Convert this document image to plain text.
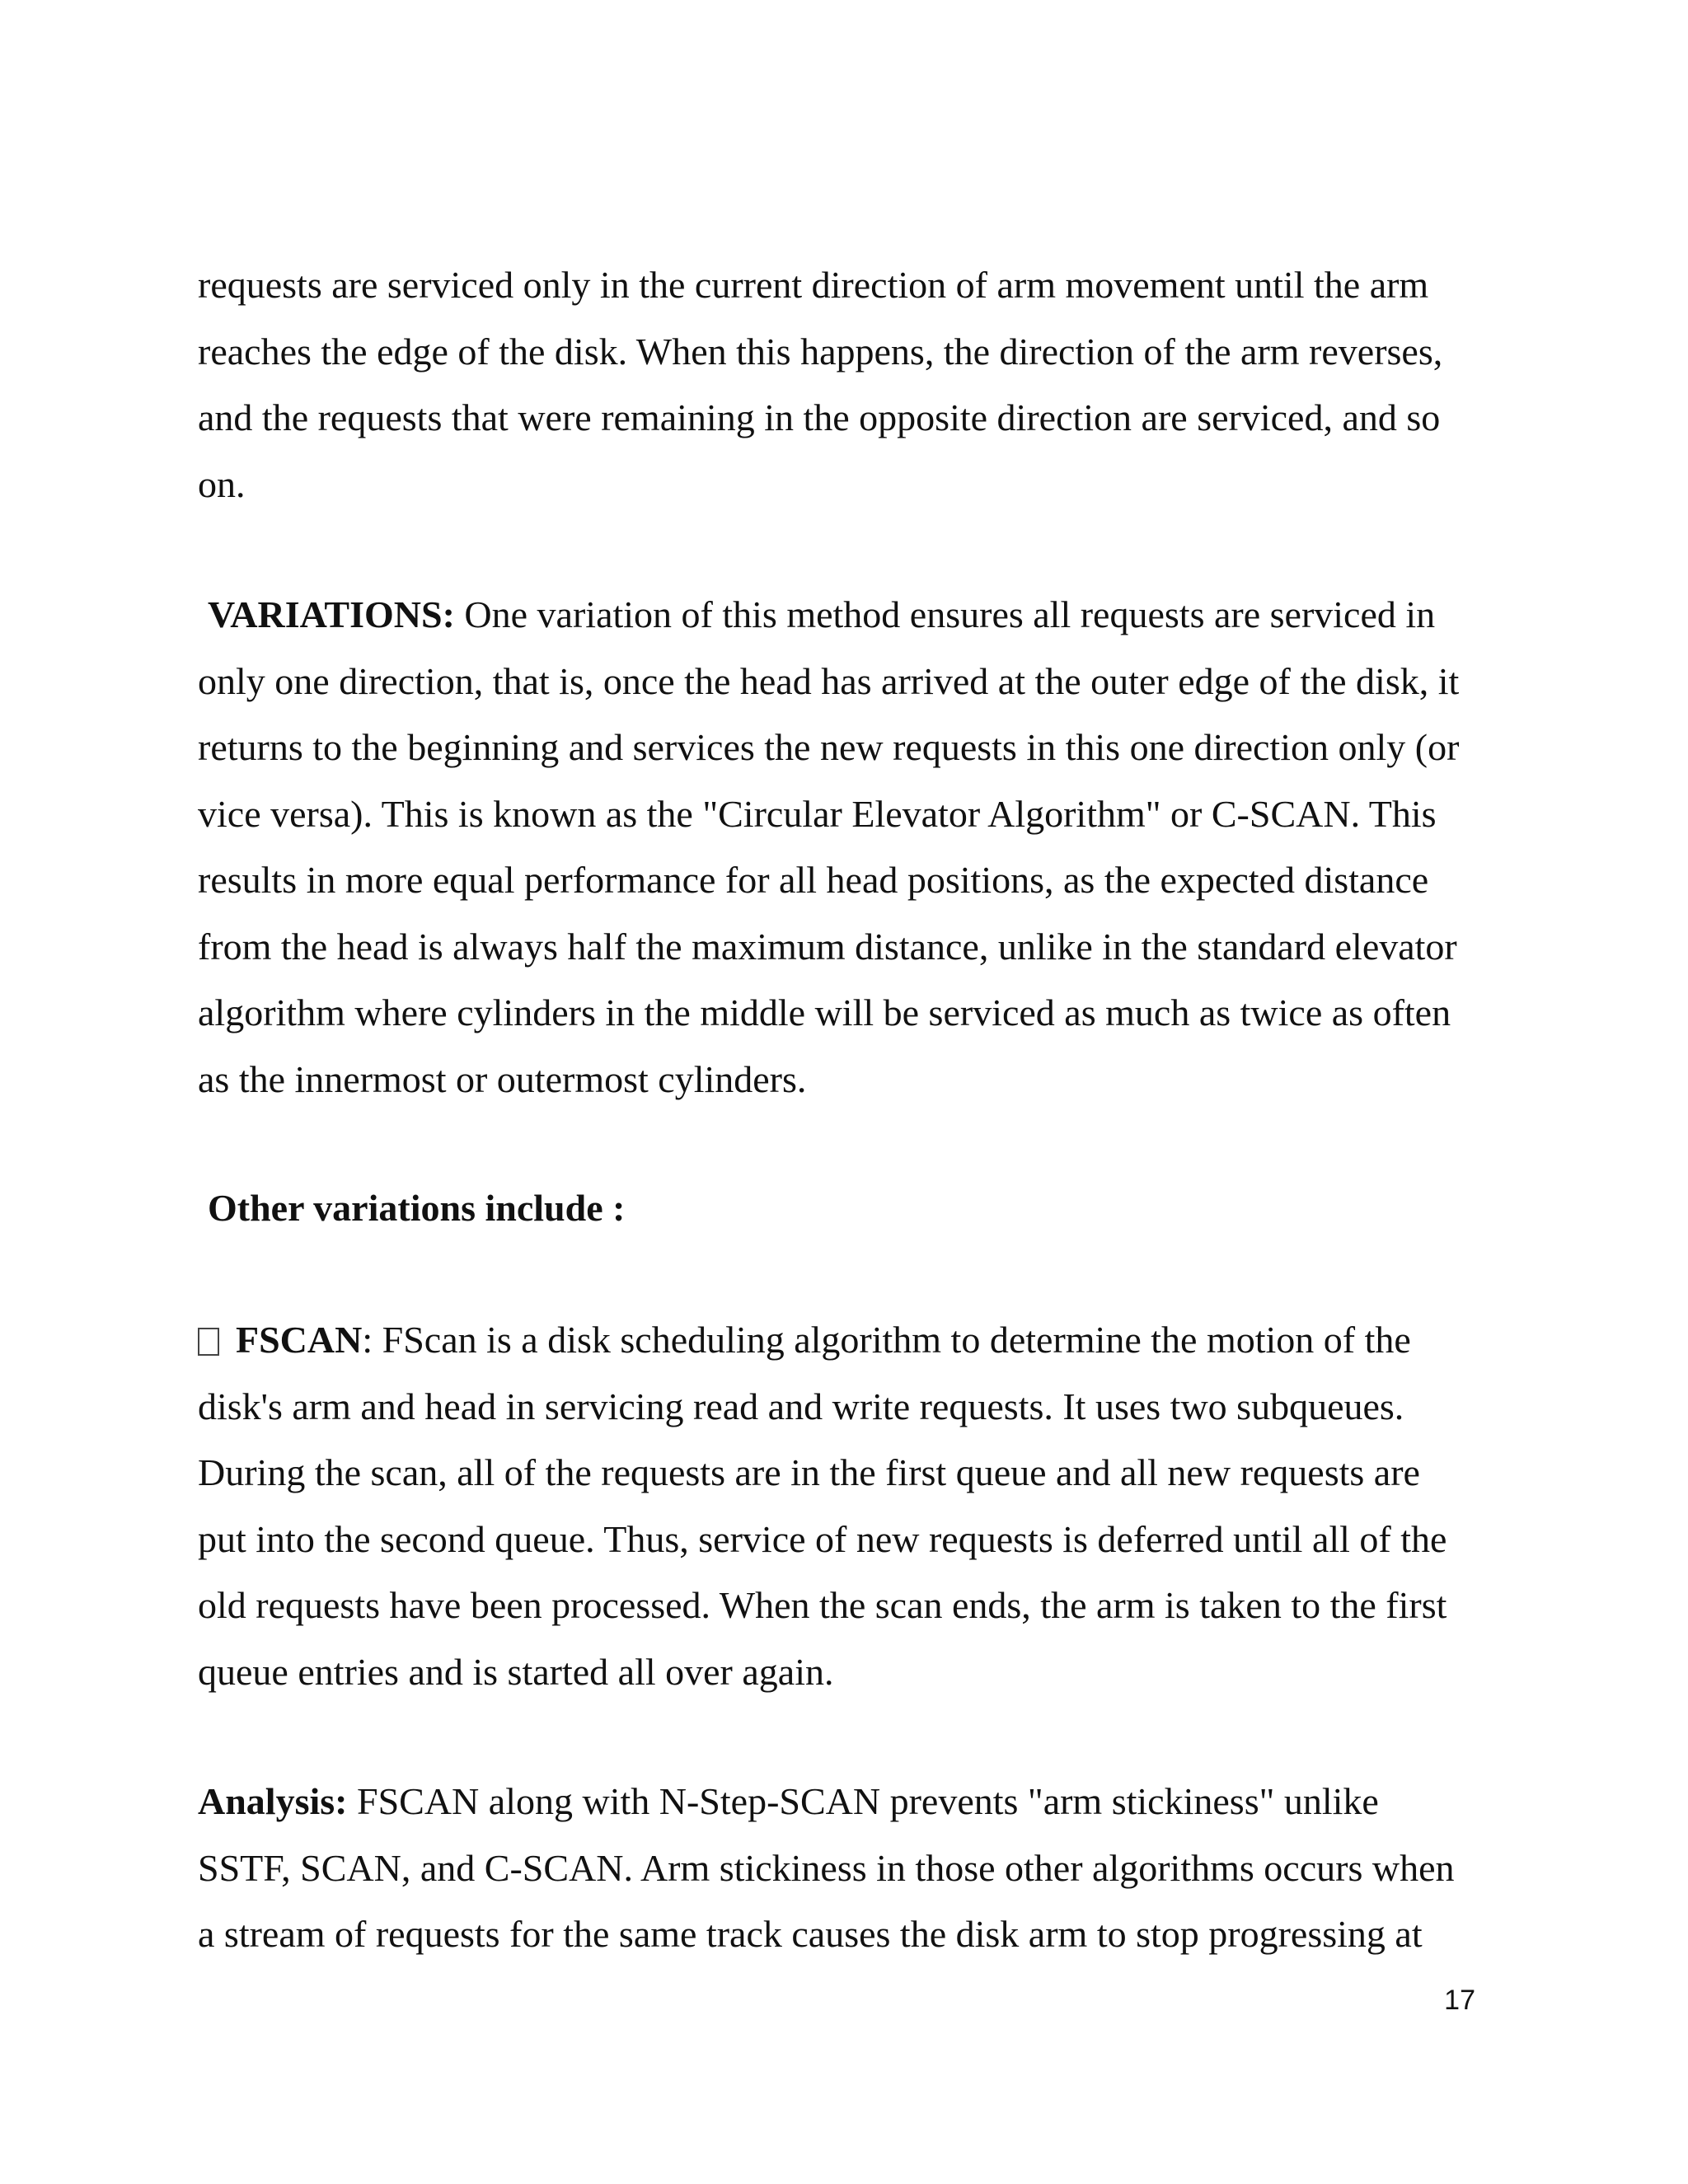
requests are serviced only in the current direction of arm movement until the arm
reaches the edge of the disk. When this happens, the direction of the arm reverses,
and the requests that were remaining in the opposite direction are serviced, and so
on.
VARIATIONS: One variation of this method ensures all requests are serviced in
only one direction, that is, once the head has arrived at the outer edge of the disk, it
returns to the beginning and services the new requests in this one direction only (or
vice versa). This is known as the "Circular Elevator Algorithm" or C-SCAN. This
results in more equal performance for all head positions, as the expected distance
from the head is always half the maximum distance, unlike in the standard elevator
algorithm where cylinders in the middle will be serviced as much as twice as often
as the innermost or outermost cylinders.
Other variations include :
FSCAN: FScan is a disk scheduling algorithm to determine the motion of the
disk's arm and head in servicing read and write requests. It uses two subqueues.
During the scan, all of the requests are in the first queue and all new requests are
put into the second queue. Thus, service of new requests is deferred until all of the
old requests have been processed. When the scan ends, the arm is taken to the first
queue entries and is started all over again.
Analysis: FSCAN along with N-Step-SCAN prevents "arm stickiness" unlike
SSTF, SCAN, and C-SCAN. Arm stickiness in those other algorithms occurs when
a stream of requests for the same track causes the disk arm to stop progressing at
17
